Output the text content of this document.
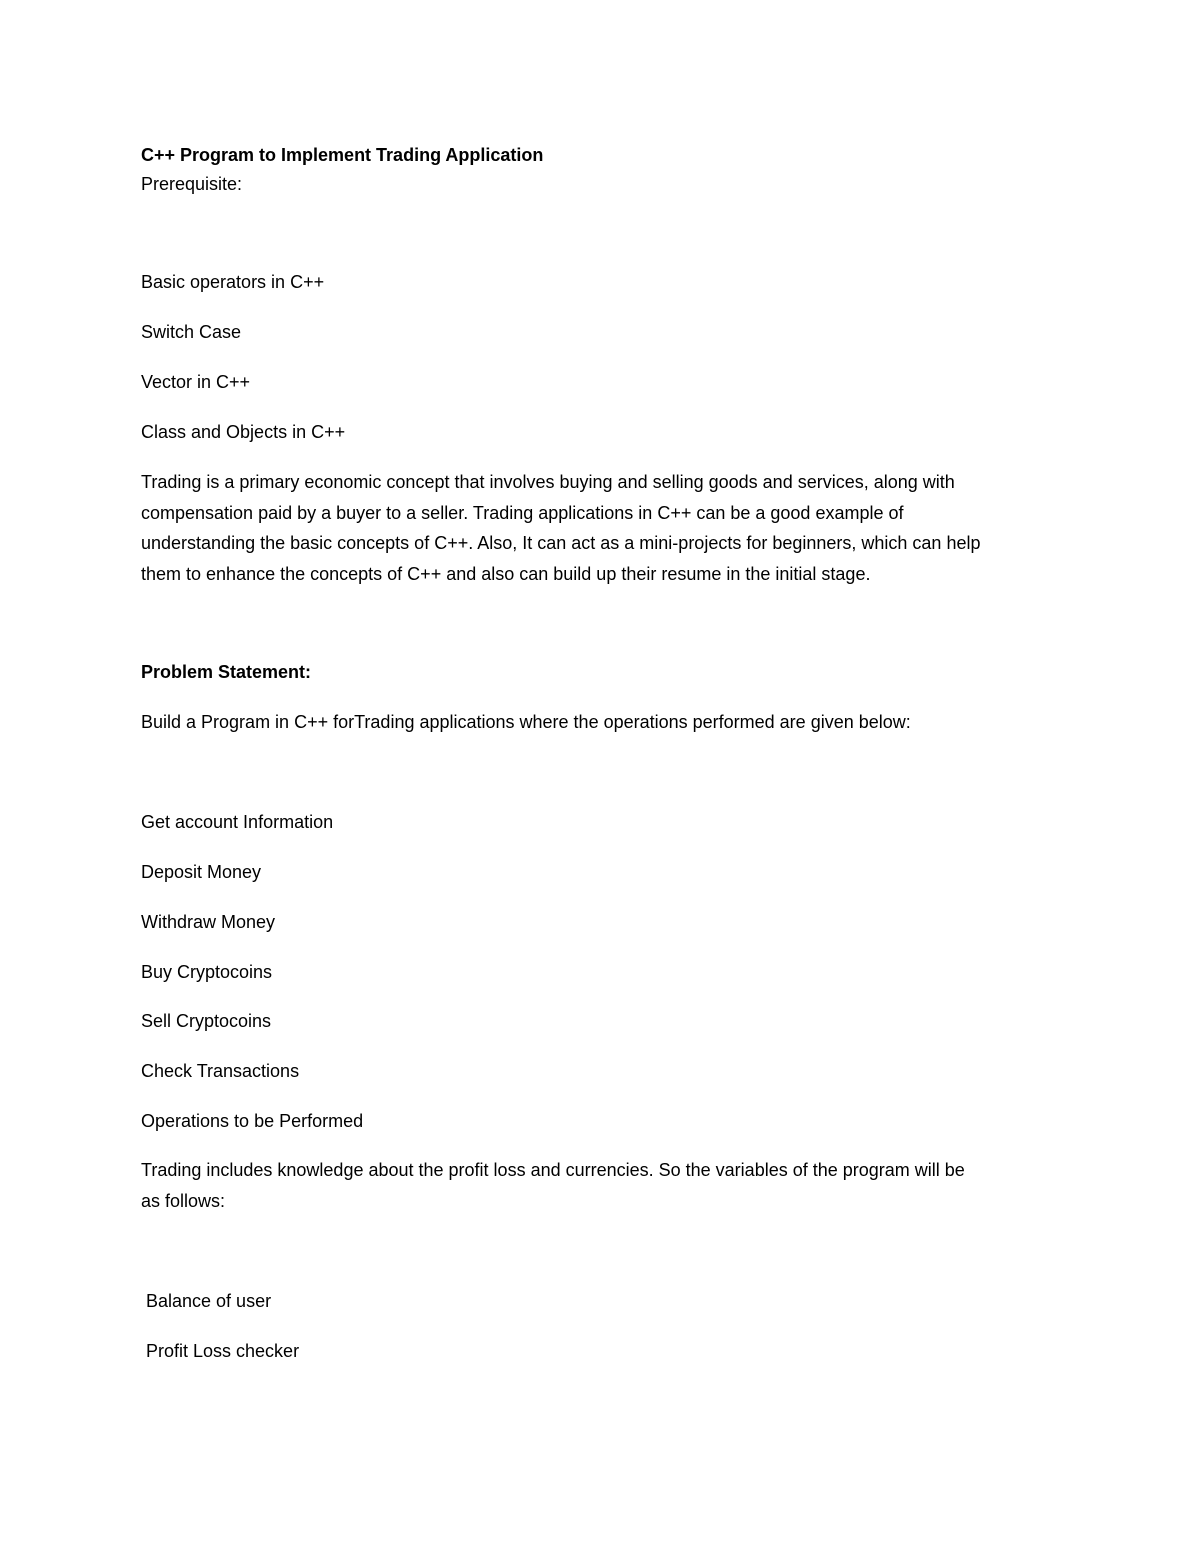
C++ Program to Implement Trading Application
Prerequisite:
Basic operators in C++
Switch Case
Vector in C++
Class and Objects in C++
Trading is a primary economic concept that involves buying and selling goods and services, along with
compensation paid by a buyer to a seller. Trading applications in C++ can be a good example of
understanding the basic concepts of C++. Also, It can act as a mini-projects for beginners, which can help
them to enhance the concepts of C++ and also can build up their resume in the initial stage.
Problem Statement:
Build a Program in C++ forTrading applications where the operations performed are given below:
Get account Information
Deposit Money
Withdraw Money
Buy Cryptocoins
Sell Cryptocoins
Check Transactions
Operations to be Performed
Trading includes knowledge about the profit loss and currencies. So the variables of the program will be
as follows:
Balance of user
Profit Loss checker
